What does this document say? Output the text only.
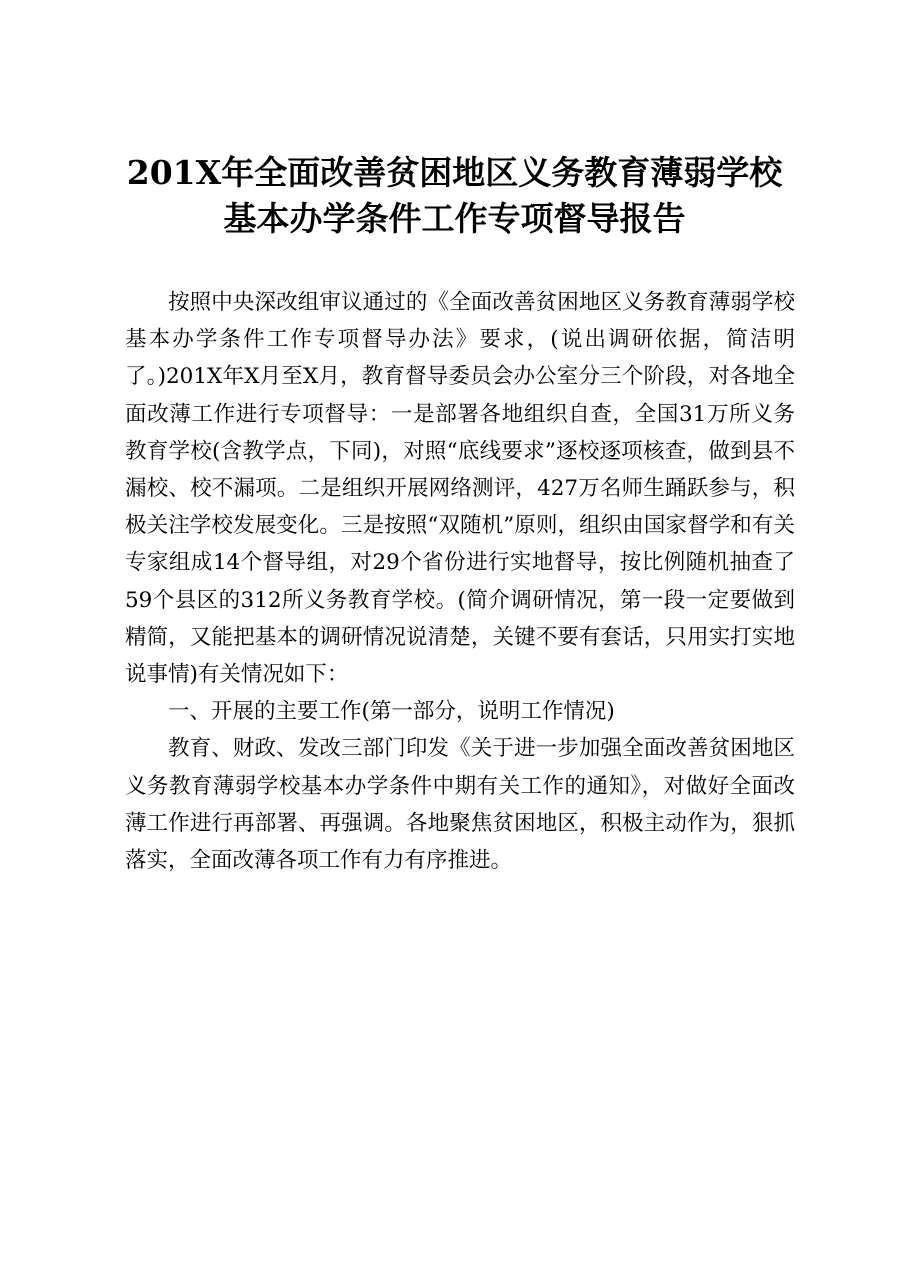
201X年全面改善贫困地区义务教育薄弱学校
基本办学条件工作专项督导报告

按照中央深改组审议通过的《全面改善贫困地区义务教育薄弱学校基本办学条件工作专项督导办法》要求，(说出调研依据，简洁明了。)201X年X月至X月，教育督导委员会办公室分三个阶段，对各地全面改薄工作进行专项督导：一是部署各地组织自查，全国31万所义务教育学校(含教学点，下同)，对照“底线要求”逐校逐项核查，做到县不漏校、校不漏项。二是组织开展网络测评，427万名师生踊跃参与，积极关注学校发展变化。三是按照“双随机”原则，组织由国家督学和有关专家组成14个督导组，对29个省份进行实地督导，按比例随机抽查了59个县区的312所义务教育学校。(简介调研情况，第一段一定要做到精简，又能把基本的调研情况说清楚，关键不要有套话，只用实打实地说事情)有关情况如下：

一、开展的主要工作(第一部分，说明工作情况)

教育、财政、发改三部门印发《关于进一步加强全面改善贫困地区义务教育薄弱学校基本办学条件中期有关工作的通知》，对做好全面改薄工作进行再部署、再强调。各地聚焦贫困地区，积极主动作为，狠抓落实，全面改薄各项工作有力有序推进。
